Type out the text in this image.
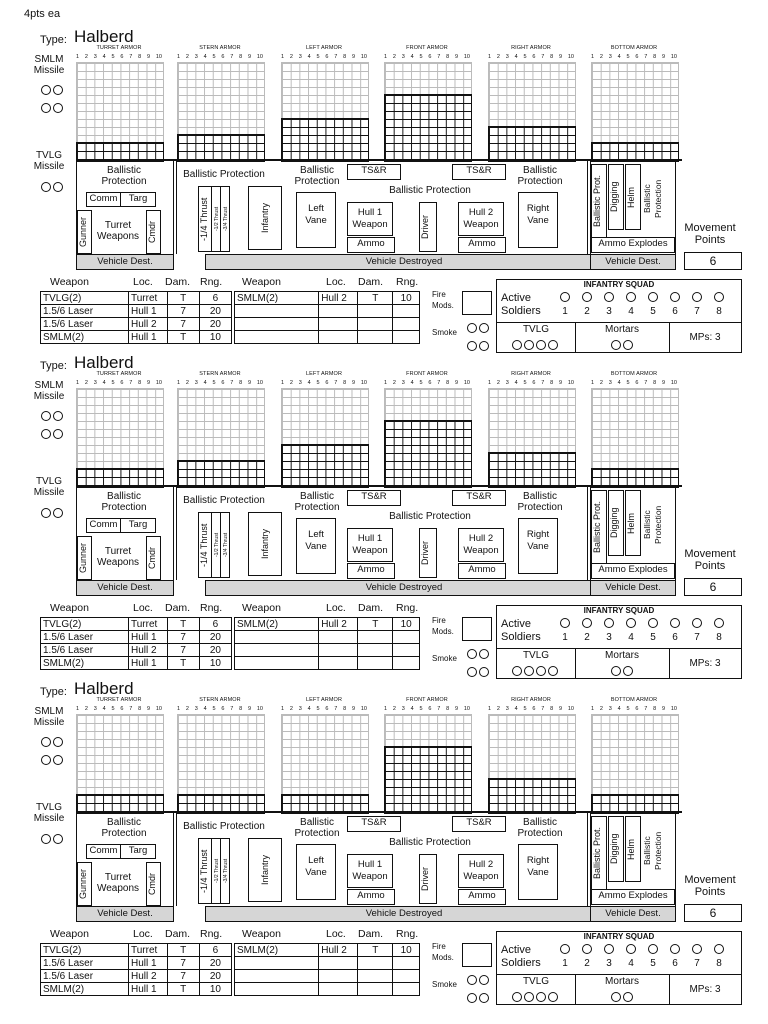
4pts ea
Type: Halberd
SMLM
Missile

TVLG
Missile
TURRET ARMOR
1 2 3 4 5 6 7 8 9 10
STERN ARMOR
1 2 3 4 5 6 7 8 9 10
LEFT ARMOR
1 2 3 4 5 6 7 8 9 10
FRONT ARMOR
1 2 3 4 5 6 7 8 9 10
RIGHT ARMOR
1 2 3 4 5 6 7 8 9 10
BOTTOM ARMOR
1 2 3 4 5 6 7 8 9 10
Ballistic
Protection
Comm	Targ
Gunner	Turret
Weapons Cmdr
Vehicle Dest.
Ballistic Protection
-1/4 Thrust	-1/2 Thrust -3/4 Thrust	Infantry
Ballistic
Protection
Left
Vane
TS&R	TS&R
Ballistic Protection
Hull 1
Weapon
Ammo
Driver
Hull 2
Weapon
Ammo
Ballistic
Protection
Right
Vane
Vehicle Destroyed
Ballistic Prot. Digging Helm Ballistic
Protection
Ammo Explodes
Vehicle Dest.
Movement
Points
6
Weapon	Loc. Dam. Rng. Weapon	Loc. Dam. Rng.
TVLG(2)	Turret	T	6
1.5/6 Laser	Hull 1	7	20
1.5/6 Laser	Hull 2	7	20
SMLM(2)	Hull 1	T	10
SMLM(2)	Hull 2	T	10

				Fire
Mods.
Smoke

INFANTRY SQUAD
Active
Soldiers	1	2	3	4	5	6	7	8
TVLG	Mortars
MPs: 3
Type: Halberd
SMLM
Missile

TVLG
Missile
TURRET ARMOR
1 2 3 4 5 6 7 8 9 10
STERN ARMOR
1 2 3 4 5 6 7 8 9 10
LEFT ARMOR
1 2 3 4 5 6 7 8 9 10
FRONT ARMOR
1 2 3 4 5 6 7 8 9 10
RIGHT ARMOR
1 2 3 4 5 6 7 8 9 10
BOTTOM ARMOR
1 2 3 4 5 6 7 8 9 10
Ballistic
Protection
Comm	Targ
Gunner	Turret
Weapons Cmdr
Vehicle Dest.
Ballistic Protection
-1/4 Thrust	-1/2 Thrust -3/4 Thrust	Infantry
Ballistic
Protection
Left
Vane
TS&R	TS&R
Ballistic Protection
Hull 1
Weapon
Ammo
Driver
Hull 2
Weapon
Ammo
Ballistic
Protection
Right
Vane
Vehicle Destroyed
Ballistic Prot. Digging Helm Ballistic
Protection
Ammo Explodes
Vehicle Dest.
Movement
Points
6
Weapon	Loc. Dam. Rng. Weapon	Loc. Dam. Rng.
TVLG(2)	Turret	T	6
1.5/6 Laser	Hull 1	7	20
1.5/6 Laser	Hull 2	7	20
SMLM(2)	Hull 1	T	10
SMLM(2)	Hull 2	T	10

				Fire
Mods.
Smoke

INFANTRY SQUAD
Active
Soldiers	1	2	3	4	5	6	7	8
TVLG	Mortars
MPs: 3
Type: Halberd
SMLM
Missile

TVLG
Missile
TURRET ARMOR
1 2 3 4 5 6 7 8 9 10
STERN ARMOR
1 2 3 4 5 6 7 8 9 10
LEFT ARMOR
1 2 3 4 5 6 7 8 9 10
FRONT ARMOR
1 2 3 4 5 6 7 8 9 10
RIGHT ARMOR
1 2 3 4 5 6 7 8 9 10
BOTTOM ARMOR
1 2 3 4 5 6 7 8 9 10
Ballistic
Protection
Comm	Targ
Gunner	Turret
Weapons Cmdr
Vehicle Dest.
Ballistic Protection
-1/4 Thrust	-1/2 Thrust -3/4 Thrust	Infantry
Ballistic
Protection
Left
Vane
TS&R	TS&R
Ballistic Protection
Hull 1
Weapon
Ammo
Driver
Hull 2
Weapon
Ammo
Ballistic
Protection
Right
Vane
Vehicle Destroyed
Ballistic Prot. Digging Helm Ballistic
Protection
Ammo Explodes
Vehicle Dest.
Movement
Points
6
Weapon	Loc. Dam. Rng. Weapon	Loc. Dam. Rng.
TVLG(2)	Turret	T	6
1.5/6 Laser	Hull 1	7	20
1.5/6 Laser	Hull 2	7	20
SMLM(2)	Hull 1	T	10
SMLM(2)	Hull 2	T	10

				Fire
Mods.
Smoke

INFANTRY SQUAD
Active
Soldiers	1	2	3	4	5	6	7	8
TVLG	Mortars
MPs: 3
